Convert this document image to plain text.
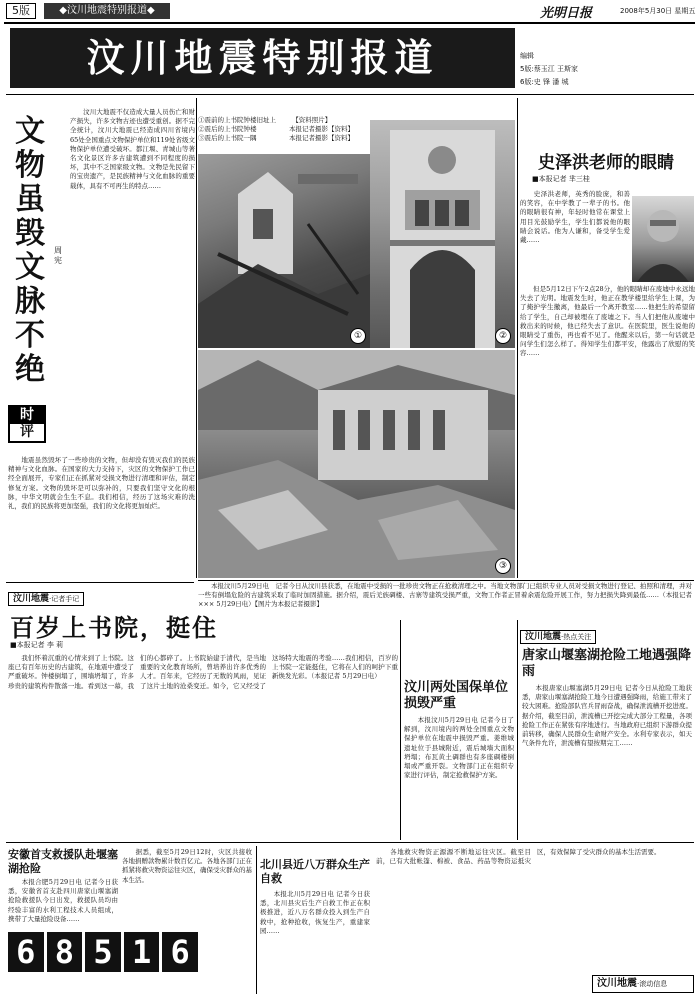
5版	◆汶川地震特别报道◆	光明日报	2008年5月30日 星期五
汶川地震特别报道	编辑
5版:蔡玉江 王斯家
6版:史 锋 潘 城
文物虽毁文脉不绝
周宪
时
评
　　汶川大地震不仅造成大量人员伤亡和财产损失，许多文物古迹也遭受重创。据不完全统计，汶川大地震已经造成四川省境内65处全国重点文物保护单位和119处省级文物保护单位遭受破坏。都江堰、青城山等著名文化景区许多古建筑遭到不同程度的损坏，其中不乏国家级文物。文物是先民留下的宝贵遗产，是民族精神与文化血脉的重要载体，具有不可再生的特点……
　　地震虽然毁坏了一些珍贵的文物，但却没有毁灭我们的民族精神与文化血脉。在国家的大力支持下，灾区的文物保护工作已经全面展开，专家们正在抓紧对受损文物进行清理和评估，制定修复方案。文物的毁坏是可以弥补的，只要我们坚守文化的根脉，中华文明就会生生不息。我们相信，经历了这场灾难的洗礼，我们的民族将更加坚强，我们的文化将更加灿烂。
①震前的上书院钟楼旧址上　　　【资料照片】
②震后的上书院钟楼　　　　　本报记者摄影【资料】
③震后的上书院一隅　　　　　本报记者摄影【资料】
①	②
③
史泽洪老师的眼睛
■本报记者 芈三桂
　　史泽洪老师，英秀的脸庞，和善的笑容，在中学教了一辈子的书。他的眼睛很有神，年轻时他常在课堂上用目光鼓励学生，学生们都说他的眼睛会说话。他为人谦和，备受学生爱戴……
　　但是5月12日下午2点28分，他的眼睛却在废墟中永远地失去了光明。地震发生时，他正在教学楼里给学生上课，为了掩护学生撤离，他最后一个离开教室……他把生的希望留给了学生，自己却被埋在了废墟之下。当人们把他从废墟中救出来的时候，他已经失去了意识。在医院里，医生说他的眼睛受了重伤，再也看不见了。他醒来以后，第一句话就是问学生们怎么样了。得知学生们都平安，他露出了欣慰的笑容……
　　本报汶川5月29日电　记者今日从汶川县获悉，在地震中受损的一批珍贵文物正在抢救清理之中。当地文物部门已组织专业人员对受损文物进行登记、拍照和清理，并对一些有倒塌危险的古建筑采取了临时加固措施。据介绍，震后羌族碉楼、古寨等建筑受损严重，文物工作者正冒着余震危险开展工作，努力把损失降到最低……（本报记者 ××× 5月29日电）【图片为本报记者摄影】
汶川地震·记者手记
百岁上书院，挺住
■本报记者 李 莉
　　我们怀着沉重的心情来到了上书院。这座已有百年历史的古建筑，在地震中遭受了严重破坏。钟楼倒塌了，围墙坍塌了，许多珍贵的建筑构件散落一地。看到这一幕，我们的心都碎了。上书院始建于清代，是当地重要的文化教育场所，曾培养出许多优秀的人才。百年来，它经历了无数的风雨，见证了这片土地的沧桑变迁。如今，它又经受了这场特大地震的考验……我们相信，百岁的上书院一定能挺住，它将在人们的呵护下重新焕发光彩。（本报记者 5月29日电）
汶川两处国保单位损毁严重
　　本报汶川5月29日电 记者今日了解到，汶川境内的两处全国重点文物保护单位在地震中损毁严重。姜维城遗址位于县城附近，震后城墙大面积坍塌；布瓦黄土碉群也有多座碉楼倒塌或严重开裂。文物部门正在组织专家进行评估，制定抢救保护方案。
汶川地震·热点关注
唐家山堰塞湖抢险工地遇强降雨
　　本报唐家山堰塞湖5月29日电 记者今日从抢险工地获悉，唐家山堰塞湖抢险工地今日遭遇强降雨，给施工带来了较大困难。抢险部队官兵冒雨奋战，确保泄流槽开挖进度。据介绍，截至目前，泄流槽已开挖完成大部分工程量，各项抢险工作正在紧张有序地进行。当地政府已组织下游群众提前转移，确保人民群众生命财产安全。水利专家表示，如天气条件允许，泄流槽有望按期完工……
安徽首支救援队赴堰塞湖抢险
　　本报合肥5月29日电 记者今日获悉，安徽省首支赴四川唐家山堰塞湖抢险救援队今日出发，救援队员均由经验丰富的水利工程技术人员组成，携带了大量抢险设备……
　　据悉，截至5月29日12时，灾区共接收各地捐赠款物累计数百亿元。各地各部门正在抓紧将救灾物资运往灾区，确保受灾群众的基本生活。
北川县近八万群众生产自救
　　本报北川5月29日电 记者今日获悉，北川县灾后生产自救工作正在积极推进，近八万名群众投入到生产自救中，抢种抢收，恢复生产，重建家园……
　　各地救灾物资正源源不断地运往灾区。截至目前，已有大批帐篷、棉被、食品、药品等物资运抵灾区，有效保障了受灾群众的基本生活需要。
6 8 5 1 6
汶川地震·滚动信息
